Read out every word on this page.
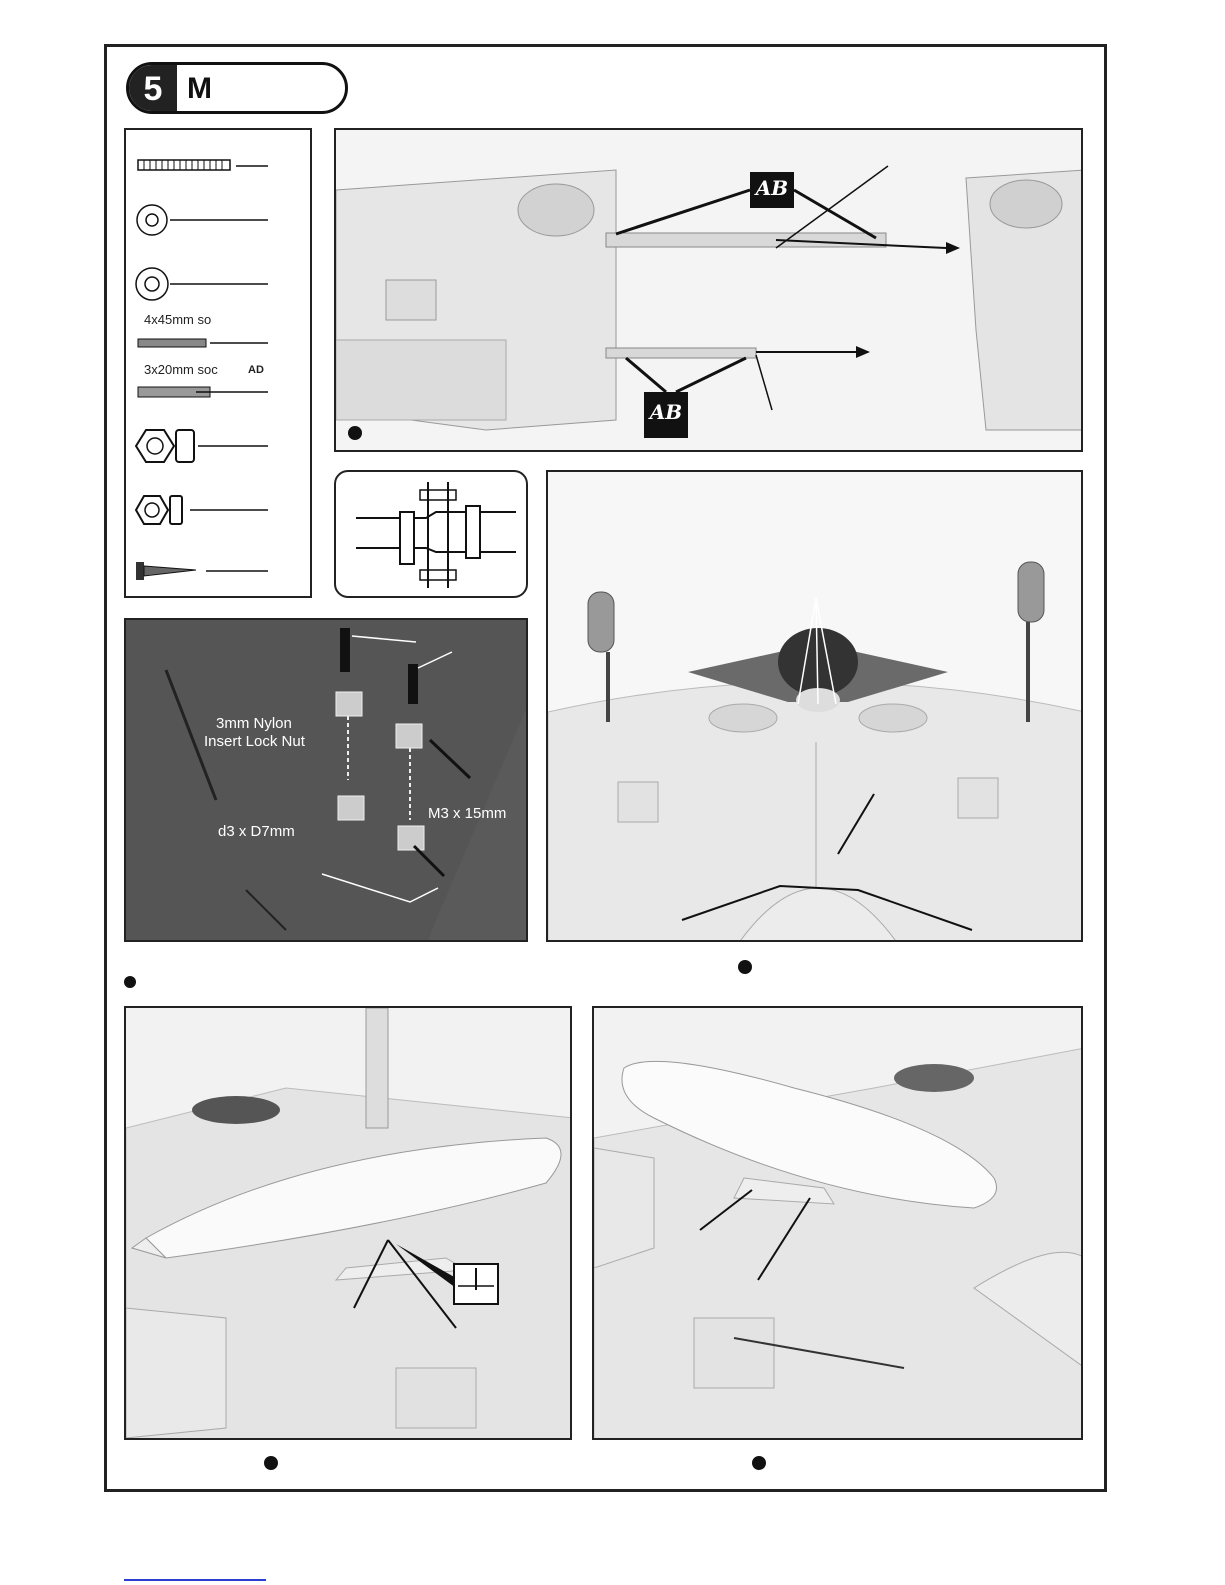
5 M
4x45mm so
3x20mm soc	AD
AB
AB
3mm Nylon
Insert Lock Nut
d3 x D7mm
M3 x 15mm
